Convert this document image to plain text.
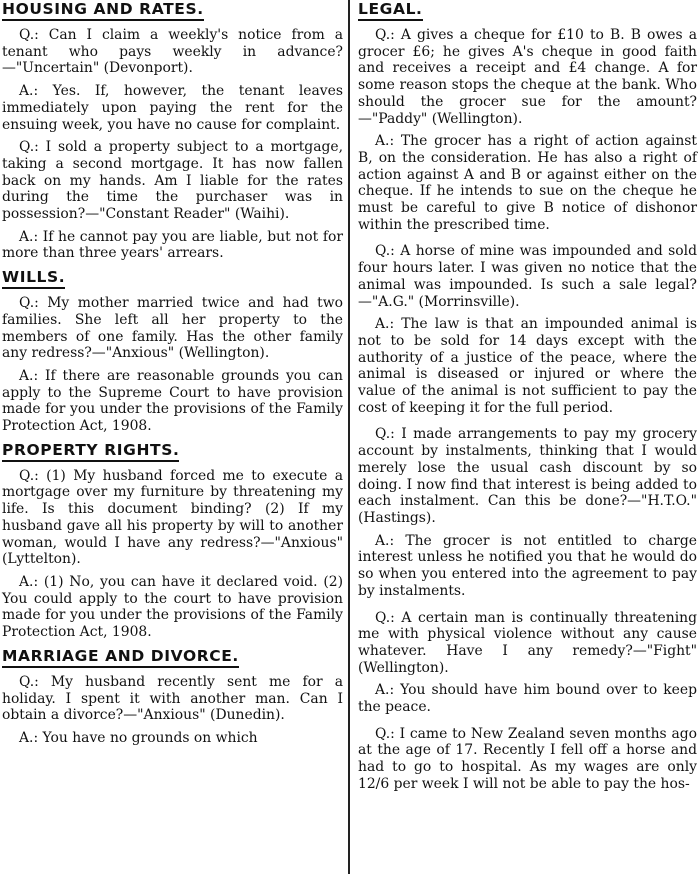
HOUSING AND RATES.

Q.: Can I claim a weekly's notice from a tenant who pays weekly in advance?—"Uncertain" (Devonport).

A.: Yes. If, however, the tenant leaves immediately upon paying the rent for the ensuing week, you have no cause for complaint.

Q.: I sold a property subject to a mortgage, taking a second mortgage. It has now fallen back on my hands. Am I liable for the rates during the time the purchaser was in possession?—"Constant Reader" (Waihi).

A.: If he cannot pay you are liable, but not for more than three years' arrears.

WILLS.

Q.: My mother married twice and had two families. She left all her property to the members of one family. Has the other family any redress?—"Anxious" (Wellington).

A.: If there are reasonable grounds you can apply to the Supreme Court to have provision made for you under the provisions of the Family Protection Act, 1908.

PROPERTY RIGHTS.

Q.: (1) My husband forced me to execute a mortgage over my furniture by threatening my life. Is this document binding? (2) If my husband gave all his property by will to another woman, would I have any redress?—"Anxious" (Lyttelton).

A.: (1) No, you can have it declared void. (2) You could apply to the court to have provision made for you under the provisions of the Family Protection Act, 1908.

MARRIAGE AND DIVORCE.

Q.: My husband recently sent me for a holiday. I spent it with another man. Can I obtain a divorce?—"Anxious" (Dunedin).

A.: You have no grounds on which

LEGAL.

Q.: A gives a cheque for £10 to B. B owes a grocer £6; he gives A's cheque in good faith and receives a receipt and £4 change. A for some reason stops the cheque at the bank. Who should the grocer sue for the amount?—"Paddy" (Wellington).

A.: The grocer has a right of action against B, on the consideration. He has also a right of action against A and B or against either on the cheque. If he intends to sue on the cheque he must be careful to give B notice of dishonor within the prescribed time.

Q.: A horse of mine was impounded and sold four hours later. I was given no notice that the animal was impounded. Is such a sale legal?—"A.G." (Morrinsville).

A.: The law is that an impounded animal is not to be sold for 14 days except with the authority of a justice of the peace, where the animal is diseased or injured or where the value of the animal is not sufficient to pay the cost of keeping it for the full period.

Q.: I made arrangements to pay my grocery account by instalments, thinking that I would merely lose the usual cash discount by so doing. I now find that interest is being added to each instalment. Can this be done?—"H.T.O." (Hastings).

A.: The grocer is not entitled to charge interest unless he notified you that he would do so when you entered into the agreement to pay by instalments.

Q.: A certain man is continually threatening me with physical violence without any cause whatever. Have I any remedy?—"Fight" (Wellington).

A.: You should have him bound over to keep the peace.

Q.: I came to New Zealand seven months ago at the age of 17. Recently I fell off a horse and had to go to hospital. As my wages are only 12/6 per week I will not be able to pay the hos-
